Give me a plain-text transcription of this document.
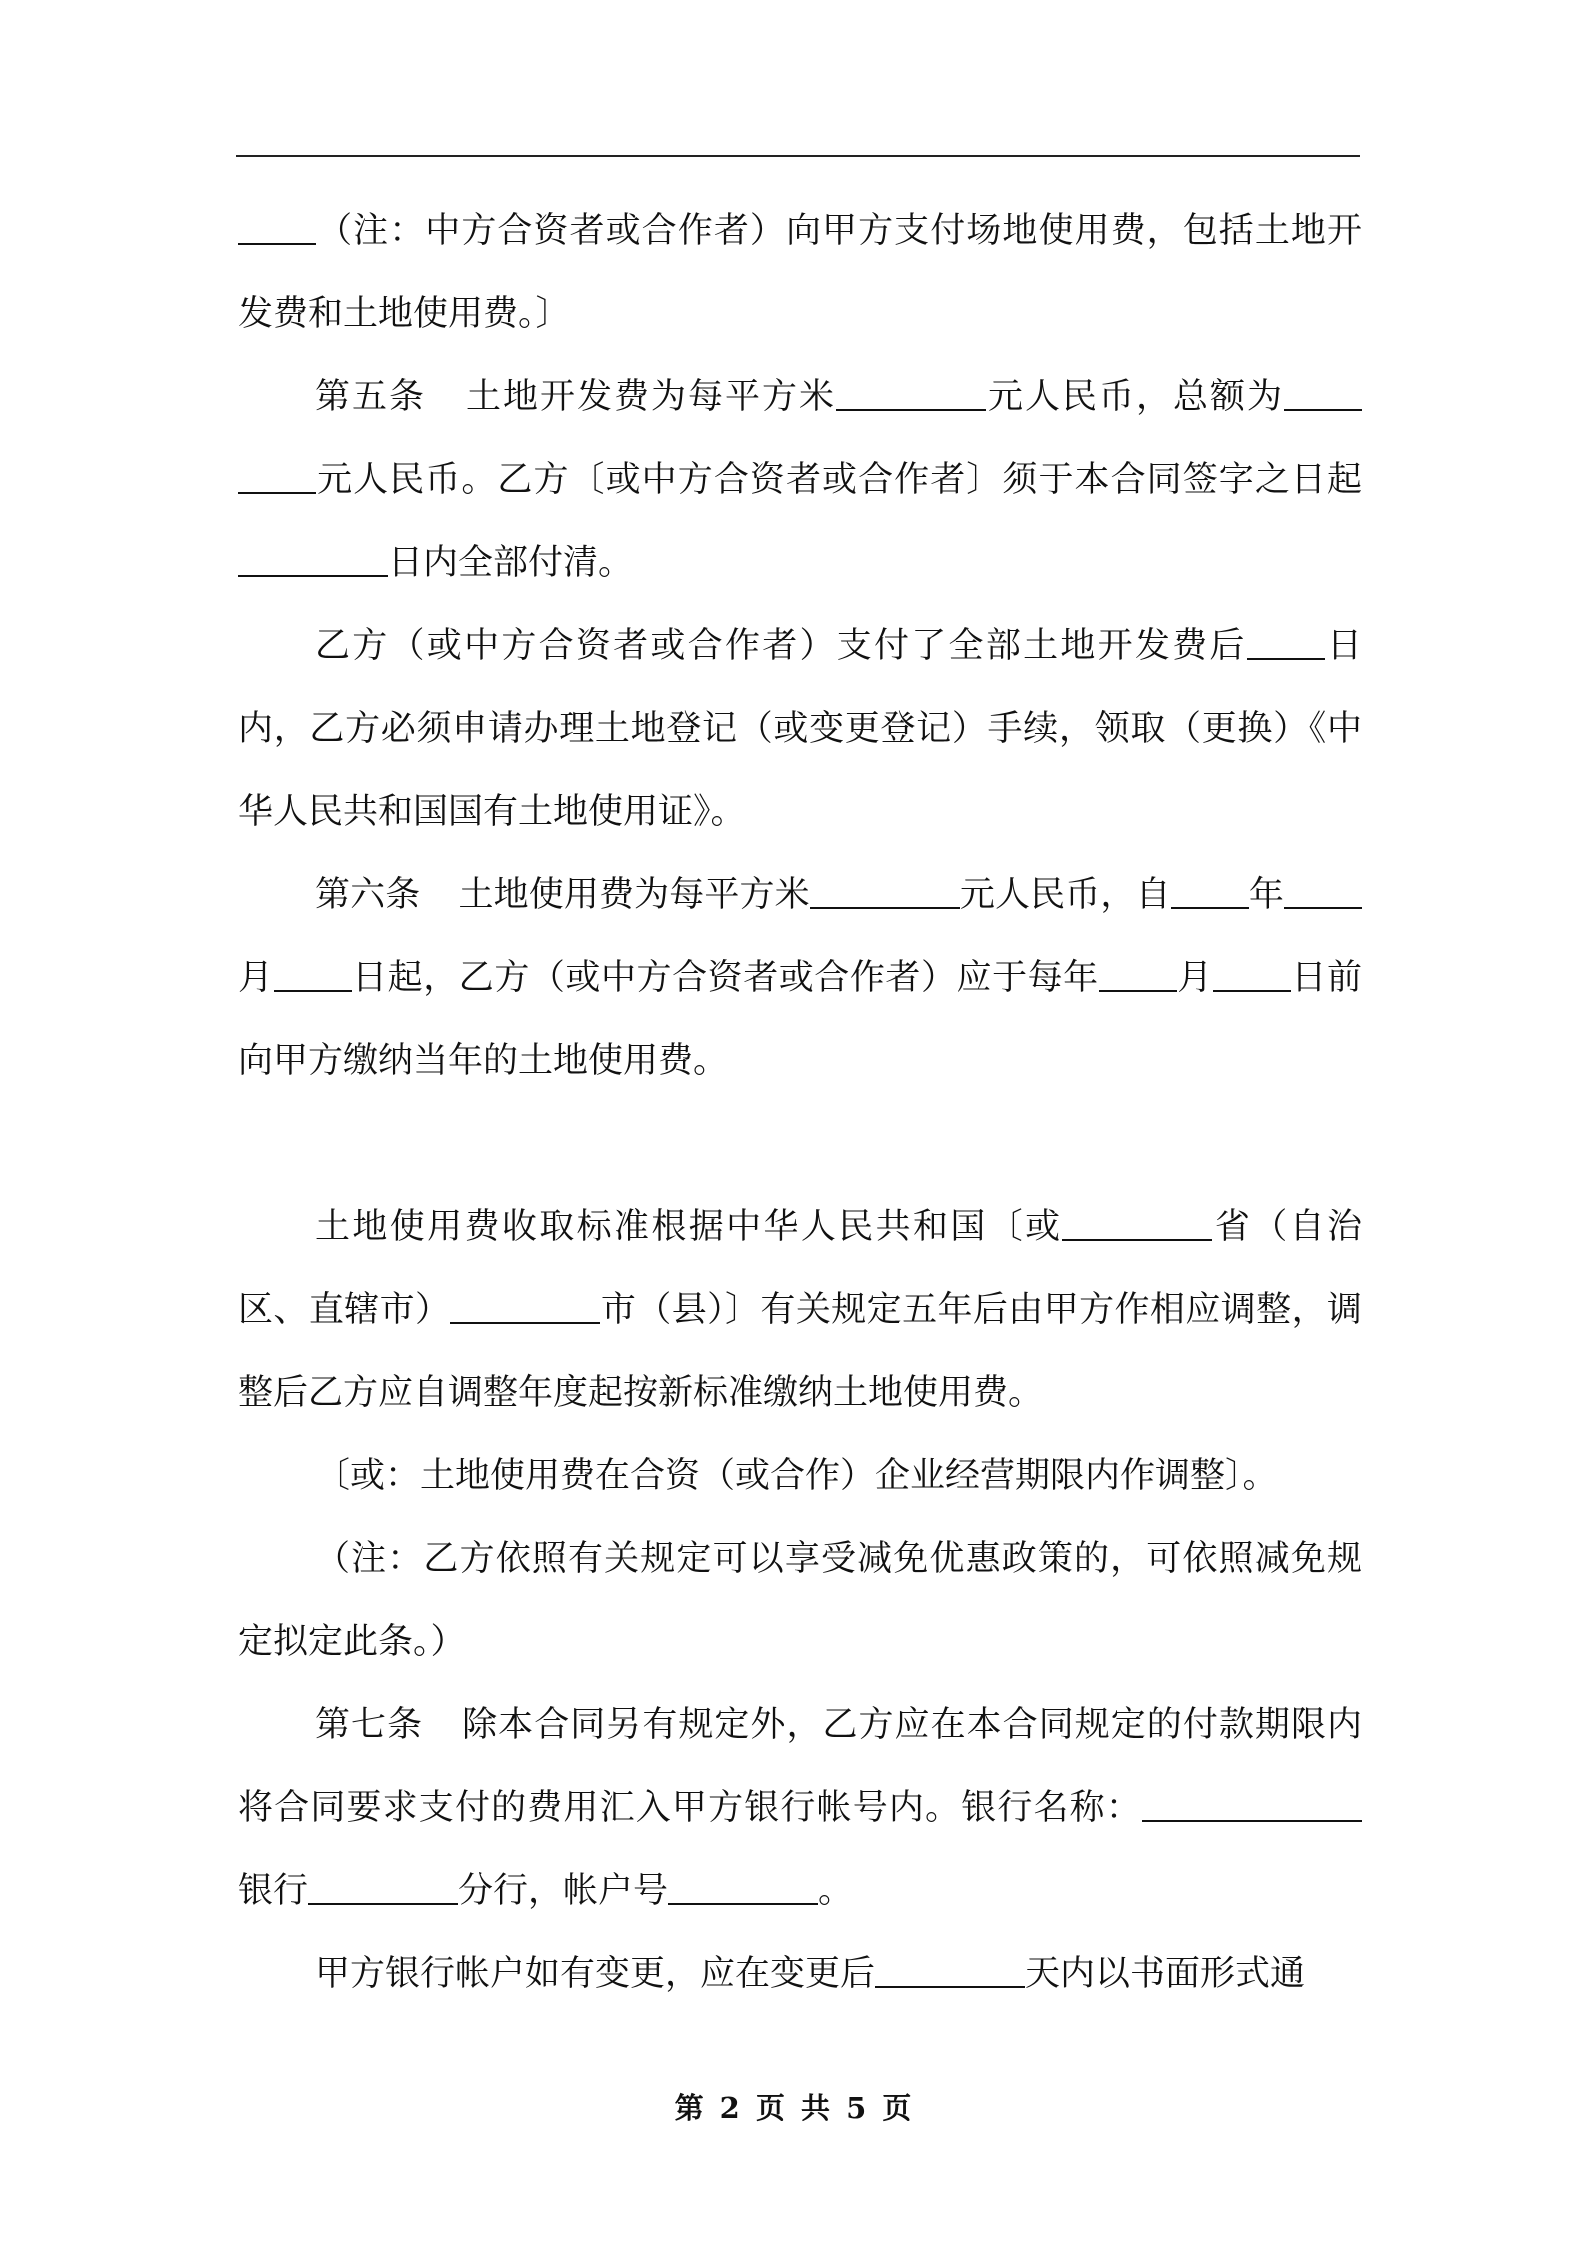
（注：中方合资者或合作者）向甲方支付场地使用费，包括土地开发费和土地使用费。〕

第五条 土地开发费为每平方米	元人民币，总额为元人民币。乙方〔或中方合资者或合作者〕须于本合同签字之日起日内全部付清。

乙方（或中方合资者或合作者）支付了全部土地开发费后 日内，乙方必须申请办理土地登记（或变更登记）手续，领取（更换）《中华人民共和国国有土地使用证》。

第六条 土地使用费为每平方米	元人民币，自 年月 日起，乙方（或中方合资者或合作者）应于每年 月 日前向甲方缴纳当年的土地使用费。

土地使用费收取标准根据中华人民共和国〔或	省（自治区、直辖市）	市（县）〕有关规定五年后由甲方作相应调整，调整后乙方应自调整年度起按新标准缴纳土地使用费。

〔或：土地使用费在合资（或合作）企业经营期限内作调整〕。

（注：乙方依照有关规定可以享受减免优惠政策的，可依照减免规定拟定此条。）

第七条 除本合同另有规定外，乙方应在本合同规定的付款期限内将合同要求支付的费用汇入甲方银行帐号内。银行名称：银行	分行，帐户号	。

甲方银行帐户如有变更，应在变更后	天内以书面形式通

第 2 页 共 5 页
